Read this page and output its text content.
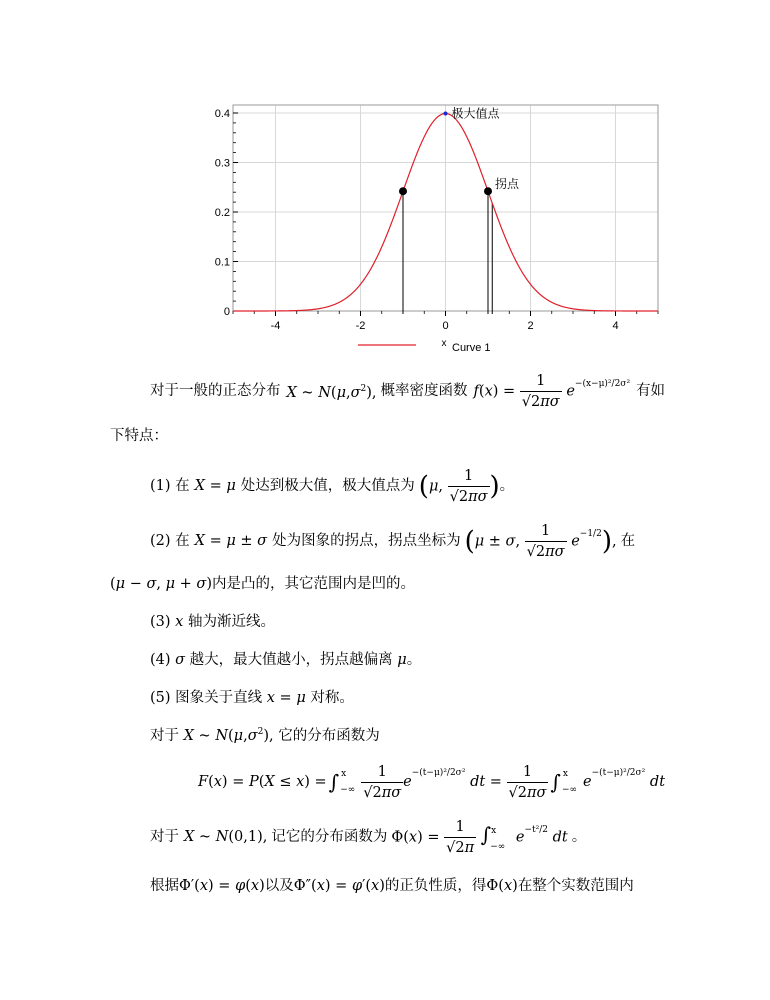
0
0.1
0.2
0.3
0.4
-4	-2	0	2	4
极大值点
拐点
x Curve 1
对于一般的正态分布 X ~ $N(\mu,\sigma^2)$, 概率密度函数 $f(x) = \frac{1}{√2\pi\sigma} e^{-(x-\mu)^2/2\sigma^2}$ 有如
下特点：
(1) 在 X = μ 处达到极大值，极大值点为 (μ, $\frac{1}{√2\pi\sigma}$ ) 。
(2) 在 X = μ ± σ 处为图象的拐点，拐点坐标为 (μ ± σ, $\frac{1}{√2\pi\sigma} e^{-1/2}$), 在
(μ − σ, μ + σ)内是凸的，其它范围内是凹的。
(3) x 轴为渐近线。
(4) σ 越大，最大值越小，拐点越偏离 μ。
(5) 图象关于直线 x = μ 对称。
对于 X ~ $N(\mu,\sigma^2)$, 它的分布函数为
F(x) = P(X ≤ x) = ∫ x
−∞ $\frac{1}{√2\pi\sigma}$ e
−(t−μ)²/2σ²

dt = $\frac{1}{√2\pi\sigma}$ ∫ x
−∞ e
−(t−μ)²/2σ²

dt
对于 X ~ N(0,1), 记它的分布函数为 $\Phi(x) = \frac{1}{√2\pi} \int^x_{-\infty}$ $e^{-t^2/2}$ dt 。
根据Φ′(x) = φ(x)以及Φ″(x) = φ′(x)的正负性质，得Φ(x)在整个实数范围内
